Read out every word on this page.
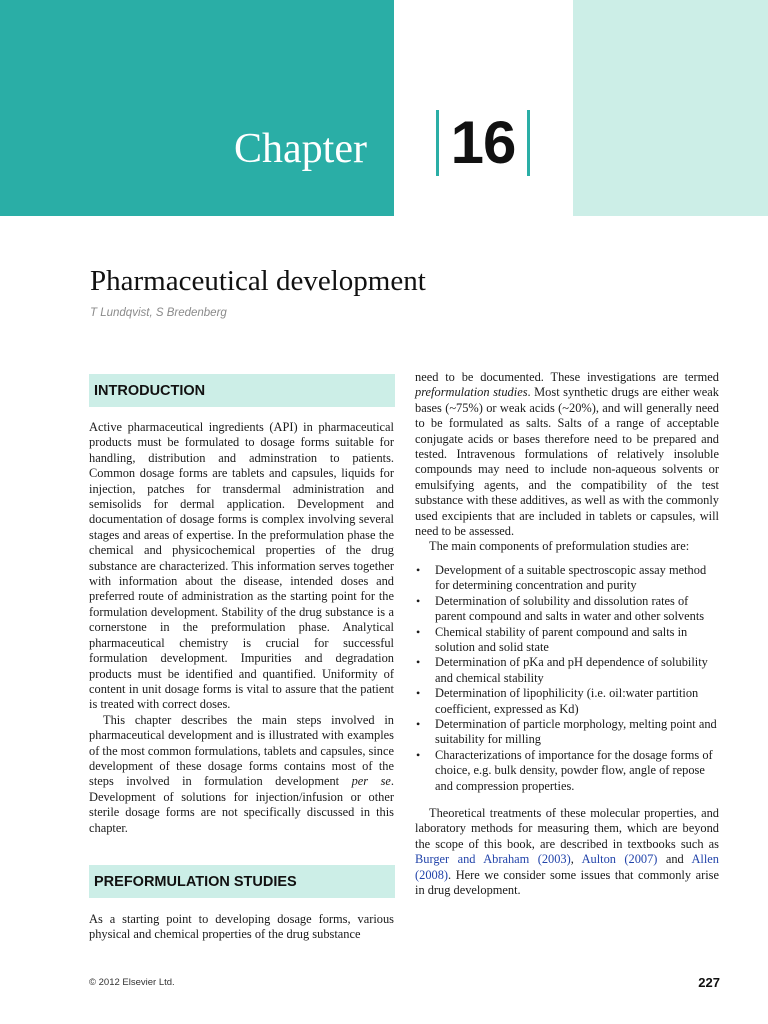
Chapter 16
Pharmaceutical development
T Lundqvist, S Bredenberg
INTRODUCTION

Active pharmaceutical ingredients (API) in pharmaceutical products must be formulated to dosage forms suitable for handling, distribution and adminstration to patients. Common dosage forms are tablets and capsules, liquids for injection, patches for transdermal administration and semisolids for dermal application. Development and documentation of dosage forms is complex involving several stages and areas of expertise. In the preformulation phase the chemical and physicochemical properties of the drug substance are characterized. This information serves together with information about the disease, intended doses and preferred route of administration as the starting point for the formulation development. Stability of the drug substance is a cornerstone in the preformulation phase. Analytical pharmaceutical chemistry is crucial for successful formulation development. Impurities and degradation products must be identified and quantified. Uniformity of content in unit dosage forms is vital to assure that the patient is treated with correct doses.

This chapter describes the main steps involved in pharmaceutical development and is illustrated with examples of the most common formulations, tablets and capsules, since development of these dosage forms contains most of the steps involved in formulation development per se. Development of solutions for injection/infusion or other sterile dosage forms are not specifically discussed in this chapter.

PREFORMULATION STUDIES

As a starting point to developing dosage forms, various physical and chemical properties of the drug substance

need to be documented. These investigations are termed preformulation studies. Most synthetic drugs are either weak bases (~75%) or weak acids (~20%), and will generally need to be formulated as salts. Salts of a range of acceptable conjugate acids or bases therefore need to be prepared and tested. Intravenous formulations of relatively insoluble compounds may need to include non-aqueous solvents or emulsifying agents, and the compatibility of the test substance with these additives, as well as with the commonly used excipients that are included in tablets or capsules, will need to be assessed.

The main components of preformulation studies are:

• Development of a suitable spectroscopic assay method for determining concentration and purity
• Determination of solubility and dissolution rates of parent compound and salts in water and other solvents
• Chemical stability of parent compound and salts in solution and solid state
• Determination of pKa and pH dependence of solubility and chemical stability
• Determination of lipophilicity (i.e. oil:water partition coefficient, expressed as Kd)
• Determination of particle morphology, melting point and suitability for milling
• Characterizations of importance for the dosage forms of choice, e.g. bulk density, powder flow, angle of repose and compression properties.

Theoretical treatments of these molecular properties, and laboratory methods for measuring them, which are beyond the scope of this book, are described in textbooks such as Burger and Abraham (2003), Aulton (2007) and Allen (2008). Here we consider some issues that commonly arise in drug development.

© 2012 Elsevier Ltd.	227
